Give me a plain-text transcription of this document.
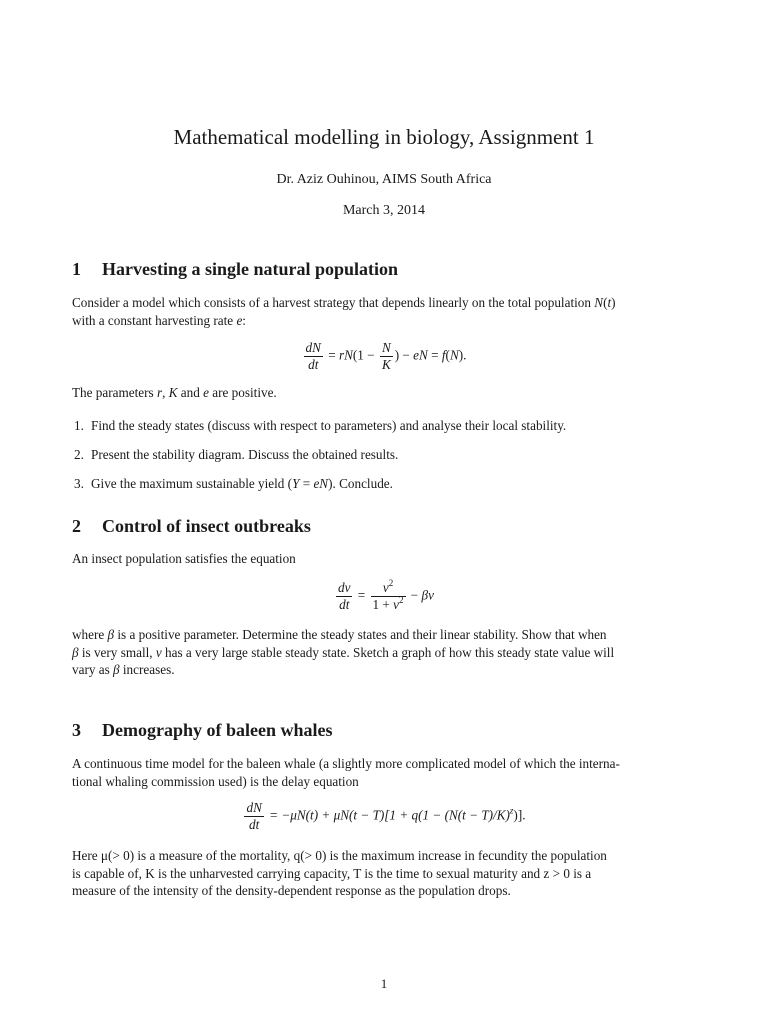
Mathematical modelling in biology, Assignment 1
Dr. Aziz Ouhinou, AIMS South Africa
March 3, 2014
1 Harvesting a single natural population
Consider a model which consists of a harvest strategy that depends linearly on the total population N(t)
with a constant harvesting rate e:
$\frac{dN}{dt} = rN(1 - \frac{N}{K}$ ) − eN = f(N).
The parameters r, K and e are positive.
1. Find the steady states (discuss with respect to parameters) and analyse their local stability.
2. Present the stability diagram. Discuss the obtained results.
3. Give the maximum sustainable yield (Y = eN). Conclude.
2 Control of insect outbreaks
An insect population satisfies the equation
$\frac{dv}{dt} = \frac{v^2}{1 + v^2} - \beta v$
where β is a positive parameter. Determine the steady states and their linear stability. Show that when
β is very small, v has a very large stable steady state. Sketch a graph of how this steady state value will
vary as β increases.
3 Demography of baleen whales
A continuous time model for the baleen whale (a slightly more complicated model of which the interna-
tional whaling commission used) is the delay equation
$\frac{dN}{dt} = -\mu N(t) + \mu N(t - T)[1 + q(1 - (N(t - T)/K)^z)]$.
Here μ(> 0) is a measure of the mortality, q(> 0) is the maximum increase in fecundity the population
is capable of, K is the unharvested carrying capacity, T is the time to sexual maturity and z > 0 is a
measure of the intensity of the density-dependent response as the population drops.
1
